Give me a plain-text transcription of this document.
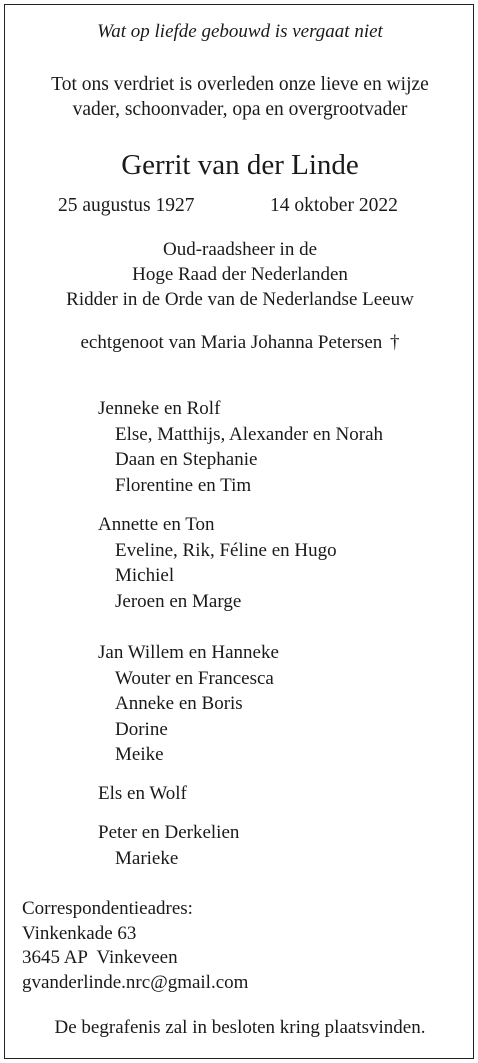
Wat op liefde gebouwd is vergaat niet
Tot ons verdriet is overleden onze lieve en wijze
vader, schoonvader, opa en overgrootvader
Gerrit van der Linde
25 augustus 1927	14 oktober 2022
Oud-raadsheer in de
Hoge Raad der Nederlanden
Ridder in de Orde van de Nederlandse Leeuw
echtgenoot van Maria Johanna Petersen †
Jenneke en Rolf
Else, Matthijs, Alexander en Norah
Daan en Stephanie
Florentine en Tim
Annette en Ton
Eveline, Rik, Féline en Hugo
Michiel
Jeroen en Marge
Jan Willem en Hanneke
Wouter en Francesca
Anneke en Boris
Dorine
Meike
Els en Wolf
Peter en Derkelien
Marieke
Correspondentieadres:
Vinkenkade 63
3645 AP  Vinkeveen
gvanderlinde.nrc@gmail.com
De begrafenis zal in besloten kring plaatsvinden.
